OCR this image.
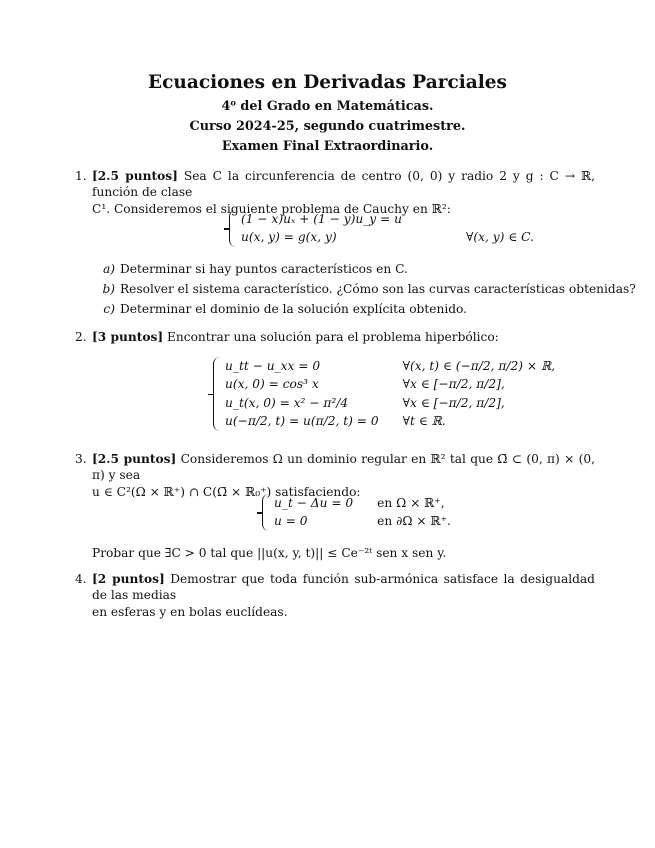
Ecuaciones en Derivadas Parciales
4$^o$ del Grado en Matemáticas.
Curso 2024-25, segundo cuatrimestre.
Examen Final Extraordinario.
1. [2.5 puntos] Sea C la circunferencia de centro (0, 0) y radio 2 y g : C → ℝ, función de clase
C¹. Consideremos el siguiente problema de Cauchy en ℝ²:
(1 − x)uₓ + (1 − y)u_y = u	
u(x, y) = g(x, y)	∀(x, y) ∈ C.
a) Determinar si hay puntos característicos en C.
b) Resolver el sistema característico. ¿Cómo son las curvas características obtenidas?
c) Determinar el dominio de la solución explícita obtenido.
2. [3 puntos] Encontrar una solución para el problema hiperbólico:
u_tt − u_xx = 0	∀(x, t) ∈ (−π/2, π/2) × ℝ,
u(x, 0) = cos³ x	∀x ∈ [−π/2, π/2],
u_t(x, 0) = x² − π²/4	∀x ∈ [−π/2, π/2],
u(−π/2, t) = u(π/2, t) = 0	∀t ∈ ℝ.
3. [2.5 puntos] Consideremos Ω un dominio regular en ℝ² tal que Ω̄ ⊂ (0, π) × (0, π) y sea
u ∈ C²(Ω × ℝ⁺) ∩ C(Ω̄ × ℝ₀⁺) satisfaciendo:
u_t − Δu = 0	en Ω × ℝ⁺,
u = 0	en ∂Ω × ℝ⁺.
Probar que ∃C > 0 tal que ||u(x, y, t)|| ≤ Ce⁻²ᵗ sen x sen y.
4. [2 puntos] Demostrar que toda función sub-armónica satisface la desigualdad de las medias
en esferas y en bolas euclídeas.
